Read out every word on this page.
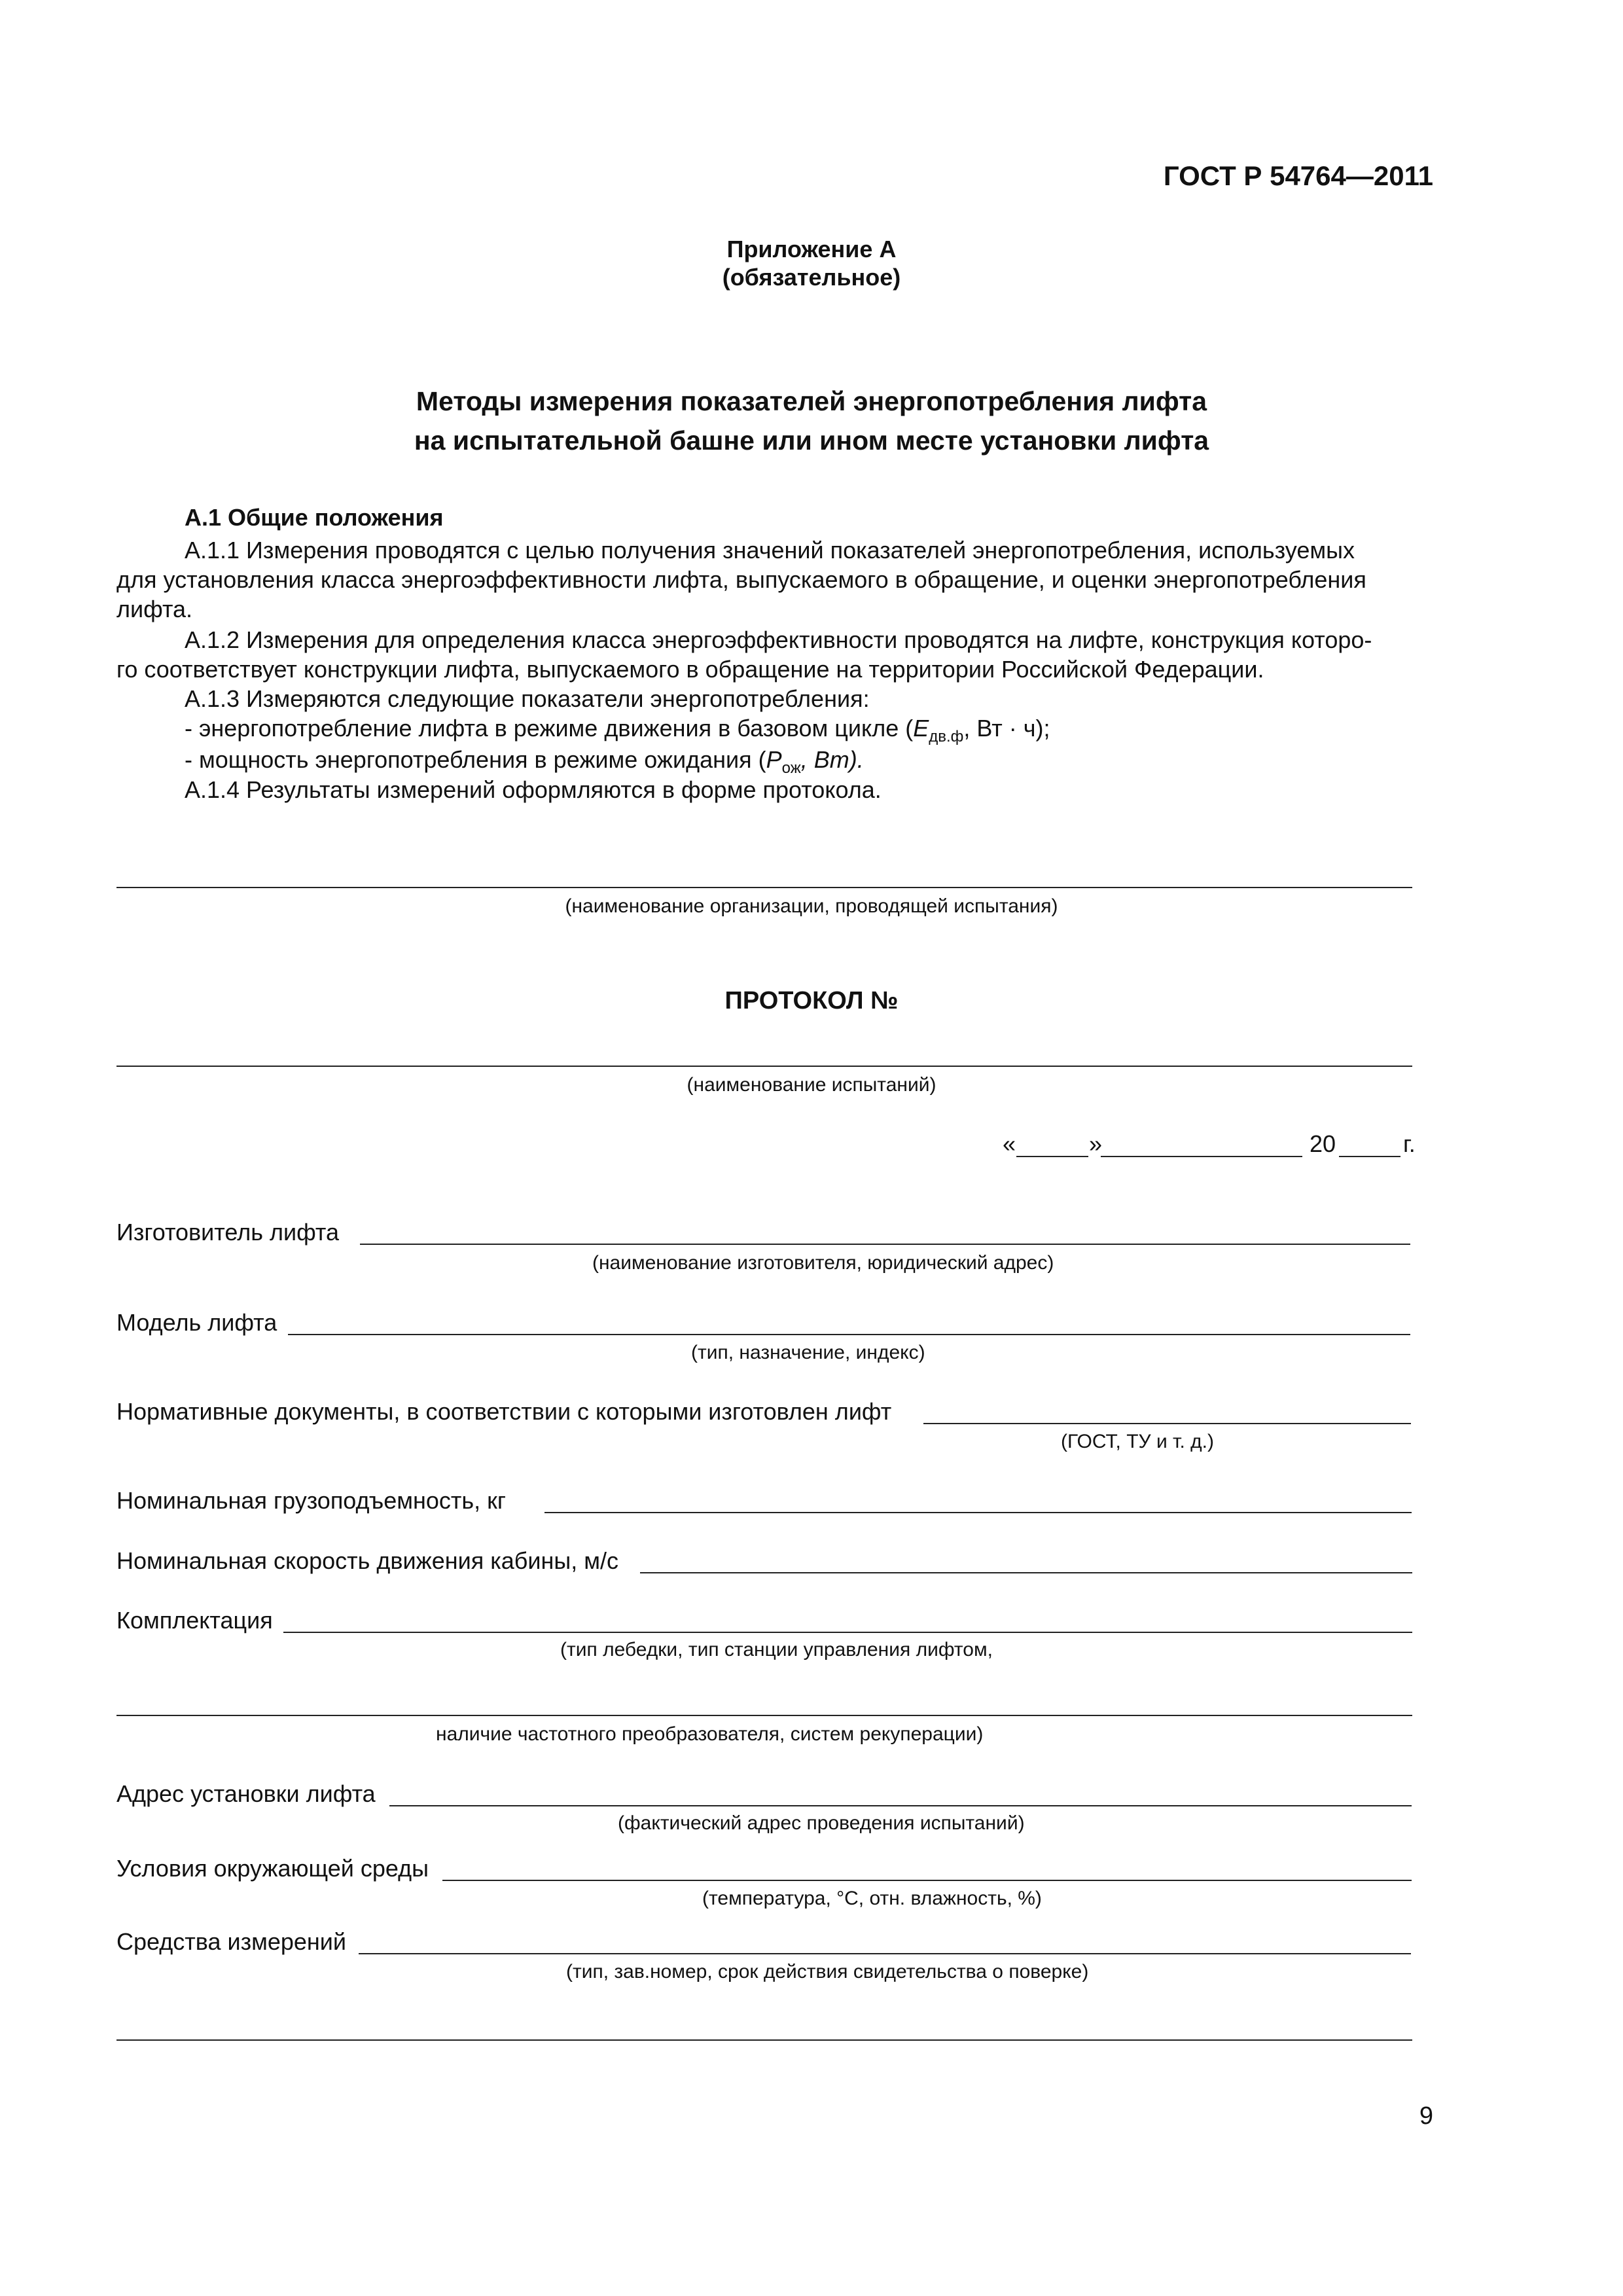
ГОСТ Р 54764—2011
Приложение А
(обязательное)
Методы измерения показателей энергопотребления лифта
на испытательной башне или ином месте установки лифта
А.1 Общие положения
А.1.1 Измерения проводятся с целью получения значений показателей энергопотребления, используемых
для установления класса энергоэффективности лифта, выпускаемого в обращение, и оценки энергопотребления
лифта.
А.1.2 Измерения для определения класса энергоэффективности проводятся на лифте, конструкция которо-
го соответствует конструкции лифта, выпускаемого в обращение на территории Российской Федерации.
А.1.3 Измеряются следующие показатели энергопотребления:
- энергопотребление лифта в режиме движения в базовом цикле ($E_{дв.ф}$, Вт · ч);
- мощность энергопотребления в режиме ожидания ($P_{ож}$, Вт).
А.1.4 Результаты измерений оформляются в форме протокола.
(наименование организации, проводящей испытания)
ПРОТОКОЛ №
(наименование испытаний)
«	»	20	г.
Изготовитель лифта
(наименование изготовителя, юридический адрес)
Модель лифта
(тип, назначение, индекс)
Нормативные документы, в соответствии с которыми изготовлен лифт
(ГОСТ, ТУ и т. д.)
Номинальная грузоподъемность, кг
Номинальная скорость движения кабины, м/с
Комплектация
(тип лебедки, тип станции управления лифтом,
наличие частотного преобразователя, систем рекуперации)
Адрес установки лифта
(фактический адрес проведения испытаний)
Условия окружающей среды
(температура, °С, отн. влажность, %)
Средства измерений
(тип, зав.номер, срок действия свидетельства о поверке)
9
